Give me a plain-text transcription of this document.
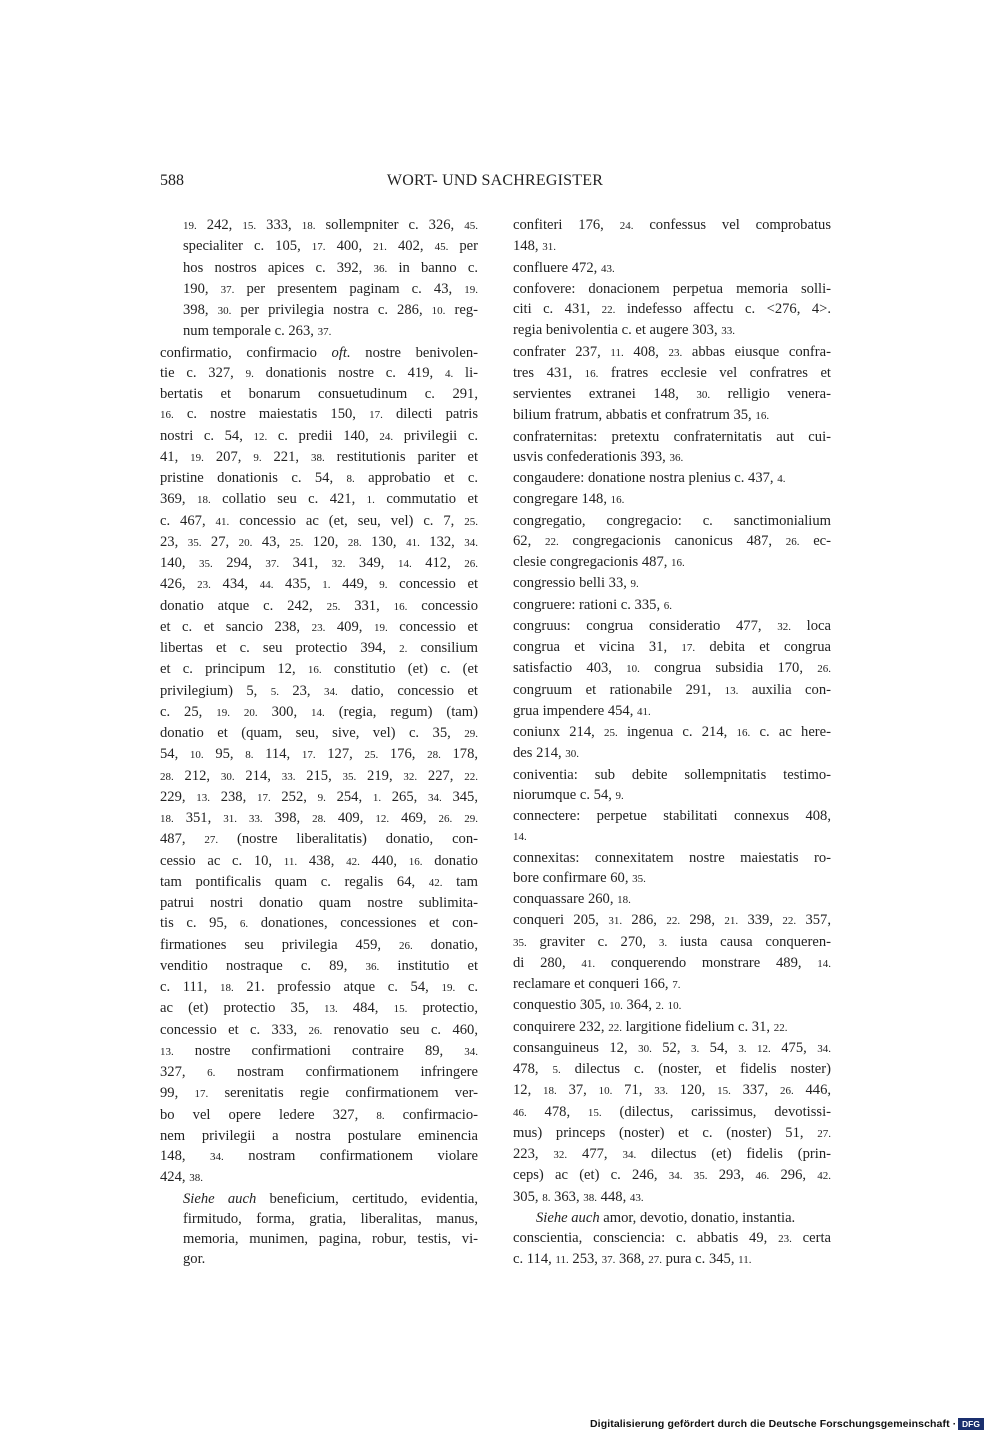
588	WORT- UND SACHREGISTER

19. 242, 15. 333, 18. sollempniter c. 326, 45.
specialiter c. 105, 17. 400, 21. 402, 45. per
hos nostros apices c. 392, 36. in banno c.
190, 37. per presentem paginam c. 43, 19.
398, 30. per privilegia nostra c. 286, 10. reg-
num temporale c. 263, 37.

confirmatio, confirmacio oft. nostre benivolen-
tie c. 327, 9. donationis nostre c. 419, 4. li-
bertatis et bonarum consuetudinum c. 291,
16. c. nostre maiestatis 150, 17. dilecti patris
nostri c. 54, 12. c. predii 140, 24. privilegii c.
41, 19. 207, 9. 221, 38. restitutionis pariter et
pristine donationis c. 54, 8. approbatio et c.
369, 18. collatio seu c. 421, 1. commutatio et
c. 467, 41. concessio ac (et, seu, vel) c. 7, 25.
23, 35. 27, 20. 43, 25. 120, 28. 130, 41. 132, 34.
140, 35. 294, 37. 341, 32. 349, 14. 412, 26.
426, 23. 434, 44. 435, 1. 449, 9. concessio et
donatio atque c. 242, 25. 331, 16. concessio
et c. et sancio 238, 23. 409, 19. concessio et
libertas et c. seu protectio 394, 2. consilium
et c. principum 12, 16. constitutio (et) c. (et
privilegium) 5, 5. 23, 34. datio, concessio et
c. 25, 19. 20. 300, 14. (regia, regum) (tam)
donatio et (quam, seu, sive, vel) c. 35, 29.
54, 10. 95, 8. 114, 17. 127, 25. 176, 28. 178,
28. 212, 30. 214, 33. 215, 35. 219, 32. 227, 22.
229, 13. 238, 17. 252, 9. 254, 1. 265, 34. 345,
18. 351, 31. 33. 398, 28. 409, 12. 469, 26. 29.
487, 27. (nostre liberalitatis) donatio, con-
cessio ac c. 10, 11. 438, 42. 440, 16. donatio
tam pontificalis quam c. regalis 64, 42. tam
patrui nostri donatio quam nostre sublimita-
tis c. 95, 6. donationes, concessiones et con-
firmationes seu privilegia 459, 26. donatio,
venditio nostraque c. 89, 36. institutio et
c. 111, 18. 21. professio atque c. 54, 19. c.
ac (et) protectio 35, 13. 484, 15. protectio,
concessio et c. 333, 26. renovatio seu c. 460,
13. nostre confirmationi contraire 89, 34.
327, 6. nostram confirmationem infringere
99, 17. serenitatis regie confirmationem ver-
bo vel opere ledere 327, 8. confirmacio-
nem privilegii a nostra postulare eminencia
148, 34. nostram confirmationem violare
424, 38.

Siehe auch beneficium, certitudo, evidentia,
firmitudo, forma, gratia, liberalitas, manus,
memoria, munimen, pagina, robur, testis, vi-
gor.

confiteri 176, 24. confessus vel comprobatus
148, 31.

confluere 472, 43.

confovere: donacionem perpetua memoria solli-
citi c. 431, 22. indefesso affectu c. <276, 4>.
regia benivolentia c. et augere 303, 33.

confrater 237, 11. 408, 23. abbas eiusque confra-
tres 431, 16. fratres ecclesie vel confratres et
servientes extranei 148, 30. relligio venera-
bilium fratrum, abbatis et confratrum 35, 16.

confraternitas: pretextu confraternitatis aut cui-
usvis confederationis 393, 36.

congaudere: donatione nostra plenius c. 437, 4.

congregare 148, 16.

congregatio, congregacio: c. sanctimonialium
62, 22. congregacionis canonicus 487, 26. ec-
clesie congregacionis 487, 16.

congressio belli 33, 9.

congruere: rationi c. 335, 6.

congruus: congrua consideratio 477, 32. loca
congrua et vicina 31, 17. debita et congrua
satisfactio 403, 10. congrua subsidia 170, 26.
congruum et rationabile 291, 13. auxilia con-
grua impendere 454, 41.

coniunx 214, 25. ingenua c. 214, 16. c. ac here-
des 214, 30.

coniventia: sub debite sollempnitatis testimo-
niorumque c. 54, 9.

connectere: perpetue stabilitati connexus 408,
14.

connexitas: connexitatem nostre maiestatis ro-
bore confirmare 60, 35.

conquassare 260, 18.

conqueri 205, 31. 286, 22. 298, 21. 339, 22. 357,
35. graviter c. 270, 3. iusta causa conqueren-
di 280, 41. conquerendo monstrare 489, 14.
reclamare et conqueri 166, 7.

conquestio 305, 10. 364, 2. 10.

conquirere 232, 22. largitione fidelium c. 31, 22.

consanguineus 12, 30. 52, 3. 54, 3. 12. 475, 34.
478, 5. dilectus c. (noster, et fidelis noster)
12, 18. 37, 10. 71, 33. 120, 15. 337, 26. 446,
46. 478, 15. (dilectus, carissimus, devotissi-
mus) princeps (noster) et c. (noster) 51, 27.
223, 32. 477, 34. dilectus (et) fidelis (prin-
ceps) ac (et) c. 246, 34. 35. 293, 46. 296, 42.
305, 8. 363, 38. 448, 43.

Siehe auch amor, devotio, donatio, instantia.

conscientia, consciencia: c. abbatis 49, 23. certa
c. 114, 11. 253, 37. 368, 27. pura c. 345, 11.

Digitalisierung gefördert durch die Deutsche Forschungsgemeinschaft · DFG
